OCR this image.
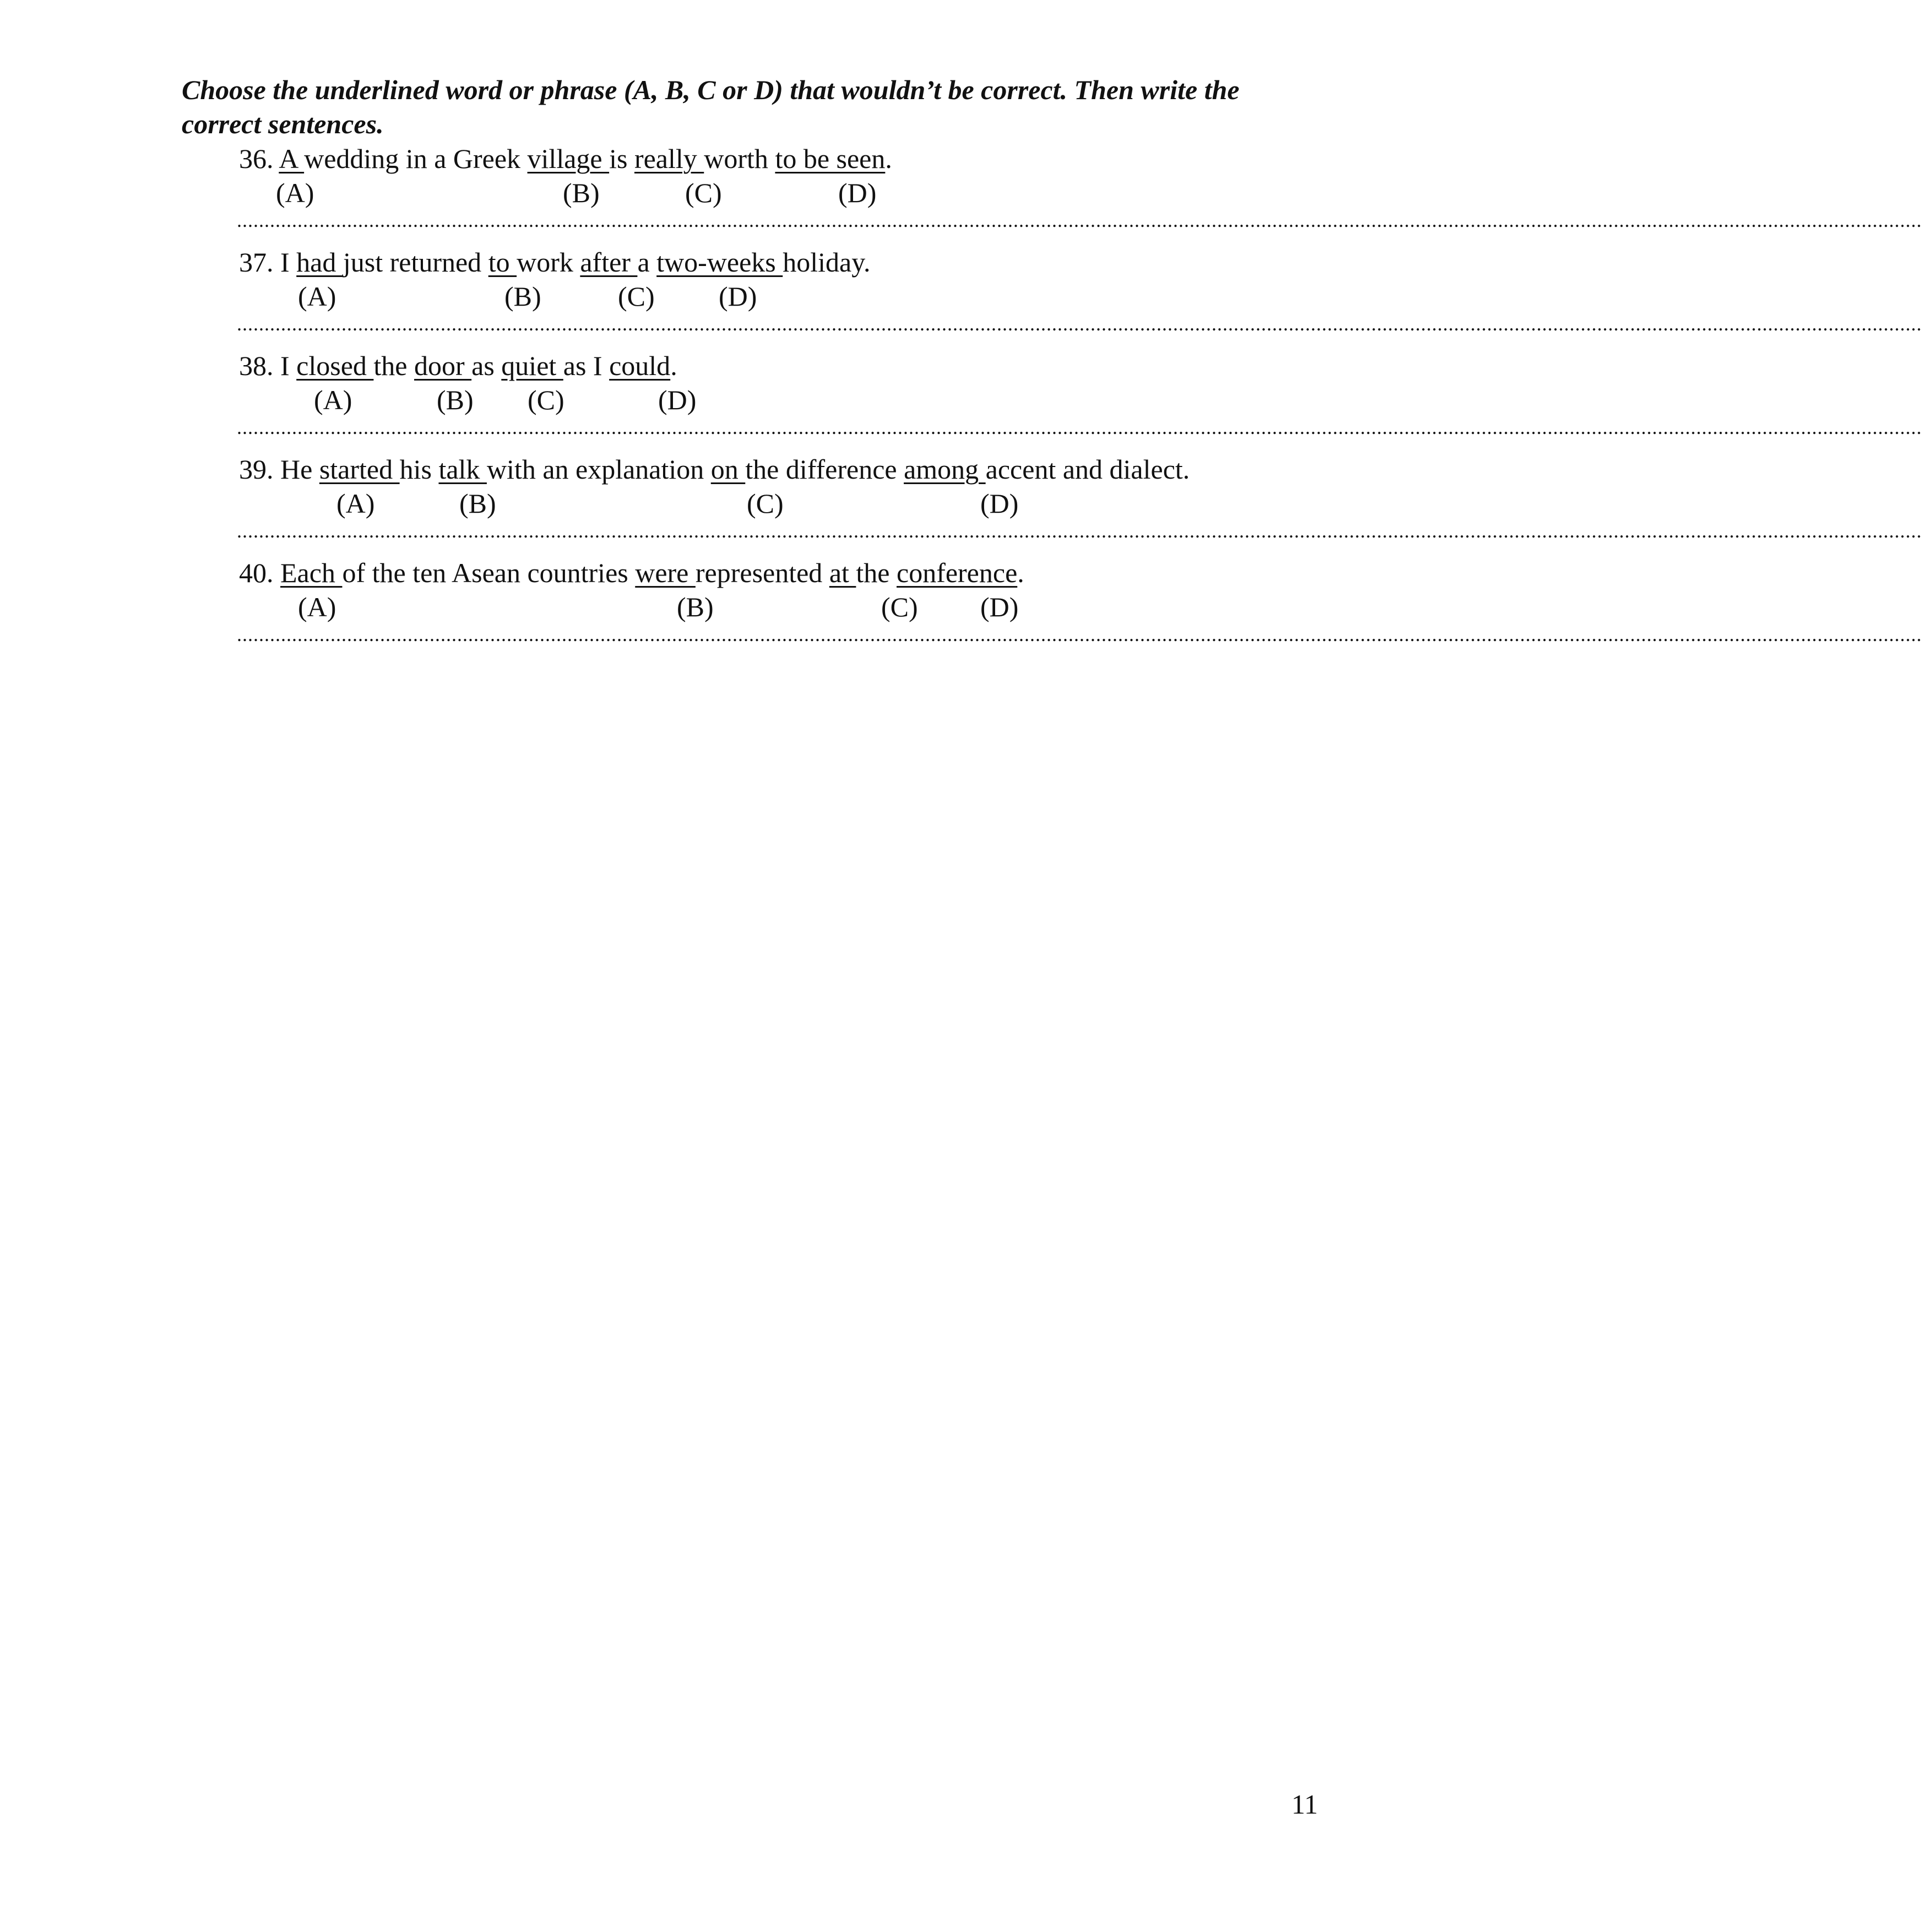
Choose the underlined word or phrase (A, B, C or D) that wouldn’t be correct. Then write the correct sentences.
36. A wedding in a Greek village is really worth to be seen.
(A)	(B)	(C)	(D)
..................................................................................................................................................................................................................................................................................................................
37. I had just returned to work after a two-weeks holiday.
(A)	(B)	(C) (D)
..................................................................................................................................................................................................................................................................................................................
38. I closed the door as quiet as I could.
(A)	(B) (C)	(D)
..................................................................................................................................................................................................................................................................................................................
39. He started his talk with an explanation on the difference among accent and dialect.
(A)	(B)	(C)	(D)
..................................................................................................................................................................................................................................................................................................................
40. Each of the ten Asean countries were represented at the conference.
(A)	(B)	(C) (D)
..................................................................................................................................................................................................................................................................................................................
11
